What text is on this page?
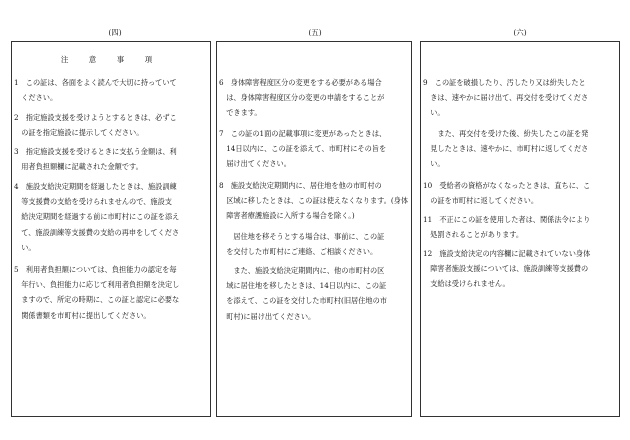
(四)	(五)	(六)
注 意 事 項
1　この証は、各面をよく読んで大切に持っていて
　ください。
2　指定施設支援を受けようとするときは、必ずこ
　の証を指定施設に提示してください。
3　指定施設支援を受けるときに支払う金額は、利
　用者負担額欄に記載された金額です。
4　施設支給決定期間を経過したときは、施設訓練
　等支援費の支給を受けられませんので、施設支
　給決定期間を経過する前に市町村にこの証を添え
　て、施設訓練等支援費の支給の再申をしてくださ
　い。
5　利用者負担額については、負担能力の認定を毎
　年行い、負担能力に応じて利用者負担額を決定し
　ますので、所定の時期に、この証と認定に必要な
　関係書類を市町村に提出してください。
6　身体障害程度区分の変更をする必要がある場合
　は、身体障害程度区分の変更の申請をすることが
　できます。
7　この証の1面の記載事項に変更があったときは、
　14日以内に、この証を添えて、市町村にその旨を
　届け出てください。
8　施設支給決定期間内に、居住地を他の市町村の
　区域に移したときは、この証は使えなくなります。(身体
　障害者療護施設に入所する場合を除く。)
　　居住地を移そうとする場合は、事前に、この証
　を交付した市町村にご連絡、ご相談ください。
　　また、施設支給決定期間内に、他の市町村の区
　域に居住地を移したときは、14日以内に、この証
　を添えて、この証を交付した市町村(旧居住地の市
　町村)に届け出てください。
9　この証を破損したり、汚したり又は紛失したと
　きは、速やかに届け出て、再交付を受けてくださ
　い。
　　また、再交付を受けた後、紛失したこの証を発
　見したときは、速やかに、市町村に返してくださ
　い。
10　受給者の資格がなくなったときは、直ちに、こ
　の証を市町村に返してください。
11　不正にこの証を使用した者は、関係法令により
　処罰されることがあります。
12　施設支給決定の内容欄に記載されていない身体
　障害者施設支援については、施設訓練等支援費の
　支給は受けられません。
